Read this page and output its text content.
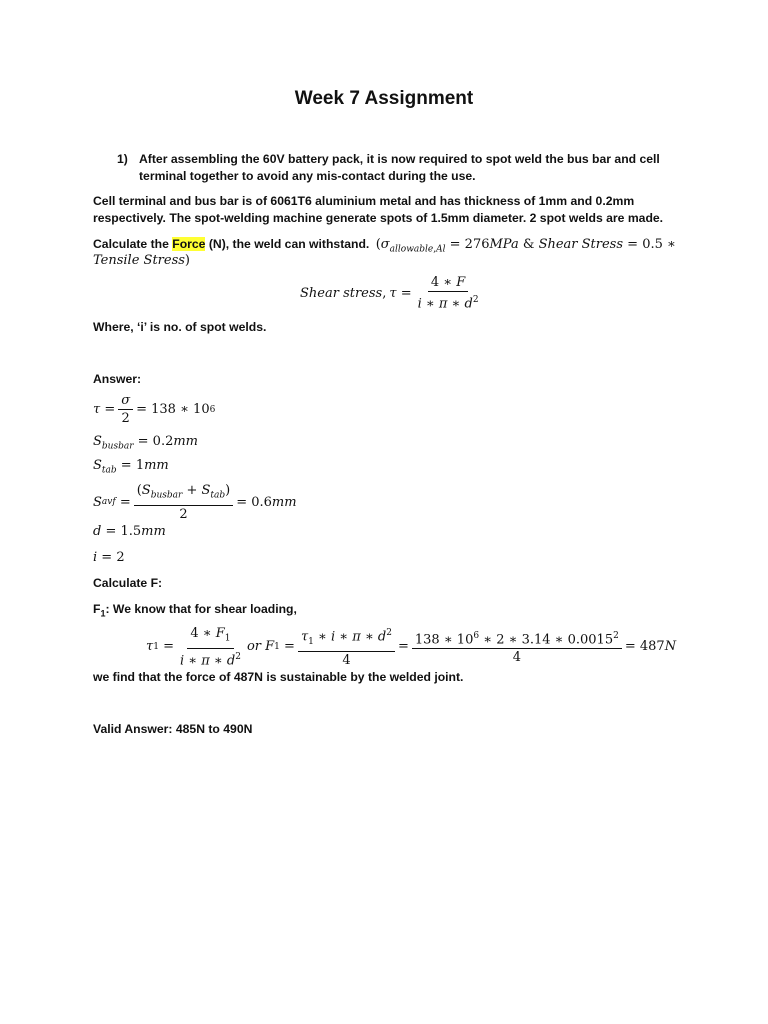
Week 7 Assignment
1) After assembling the 60V battery pack, it is now required to spot weld the bus bar and cell
terminal together to avoid any mis-contact during the use.
Cell terminal and bus bar is of 6061T6 aluminium metal and has thickness of 1mm and 0.2mm
respectively. The spot-welding machine generate spots of 1.5mm diameter. 2 spot welds are made.
Calculate the Force (N), the weld can withstand. ($\sigma_{allowable,Al} = 276MPa$ & Shear Stress = 0.5 ∗
Tensile Stress)
Shear stress , $\tau = \frac{4 ∗ F}{i ∗ \pi ∗ d^2}$
Where, ‘i’ is no. of spot welds.
Answer:
$\tau = \frac{\sigma}{2} = 138$ ∗ 10 6
$S_{busbar} = 0.2mm$
$S_{tab} = 1mm$
S avf = $\frac{(S_{busbar} + S_{tab})}{2} = 0.6$ mm
d = 1.5mm
i = 2
Calculate F:
$F_1$: We know that for shear loading,
τ $1 = \frac{4 ∗ F_1}{i ∗ \pi ∗ d^2}$ or F $1 = \frac{\tau_1 ∗ i ∗ \pi ∗ d^2}{4} = \frac{138 ∗ 10^6 ∗ 2 ∗ 3.14 ∗ 0.0015^2}{4} = 487$ N
we find that the force of 487N is sustainable by the welded joint.
Valid Answer: 485N to 490N
